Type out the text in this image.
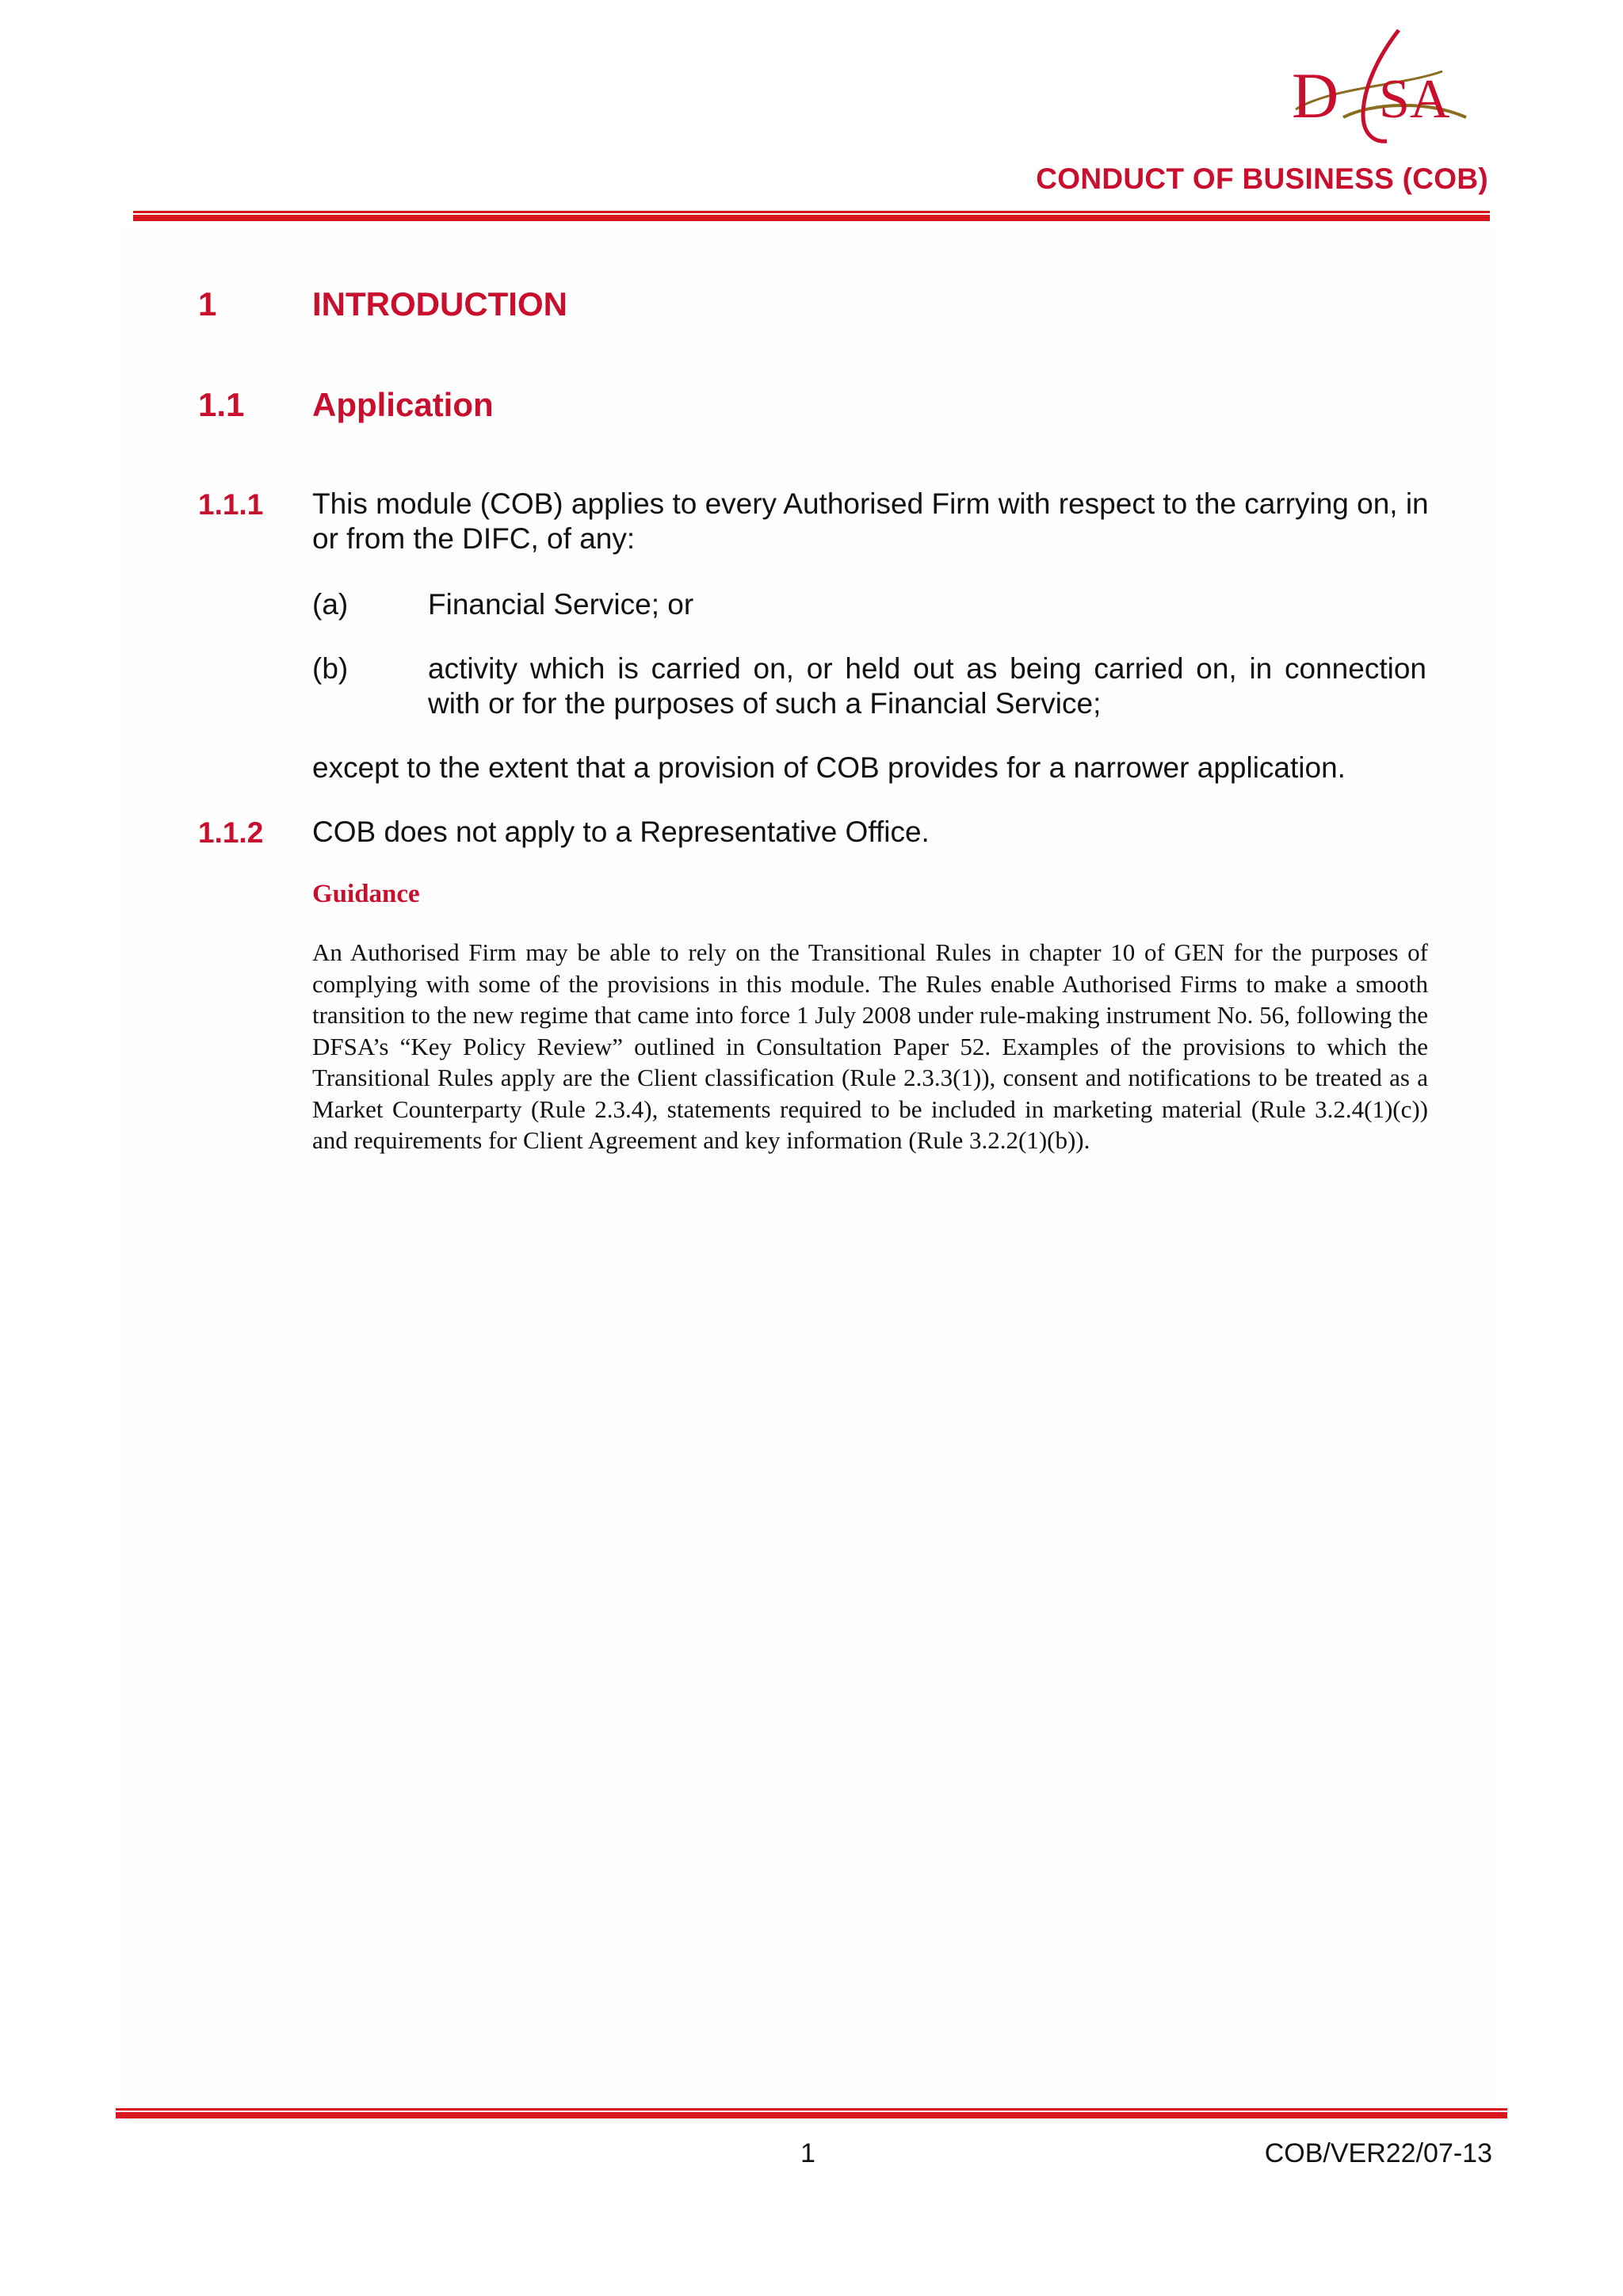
D SA
CONDUCT OF BUSINESS (COB)
1	INTRODUCTION
1.1 Application
1.1.1 This module (COB) applies to every Authorised Firm with respect to the carrying on, in or from the DIFC, of any:
(a)	Financial Service; or
(b)	activity which is carried on, or held out as being carried on, in connection with or for the purposes of such a Financial Service;
except to the extent that a provision of COB provides for a narrower application.
1.1.2 COB does not apply to a Representative Office.
Guidance
An Authorised Firm may be able to rely on the Transitional Rules in chapter 10 of GEN for the purposes of complying with some of the provisions in this module. The Rules enable Authorised Firms to make a smooth transition to the new regime that came into force 1 July 2008 under rule-making instrument No. 56, following the DFSA’s “Key Policy Review” outlined in Consultation Paper 52. Examples of the provisions to which the Transitional Rules apply are the Client classification (Rule 2.3.3(1)), consent and notifications to be treated as a Market Counterparty (Rule 2.3.4), statements required to be included in marketing material (Rule 3.2.4(1)(c)) and requirements for Client Agreement and key information (Rule 3.2.2(1)(b)).
1	COB/VER22/07-13
